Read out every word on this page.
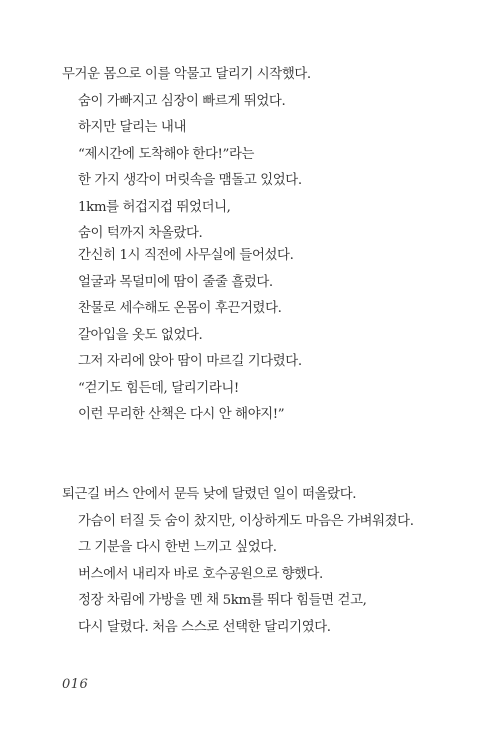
무거운 몸으로 이를 악물고 달리기 시작했다.
숨이 가빠지고 심장이 빠르게 뛰었다.
하지만 달리는 내내
“제시간에 도착해야 한다!”라는
한 가지 생각이 머릿속을 맴돌고 있었다.
1km를 허겁지겁 뛰었더니,
숨이 턱까지 차올랐다.
간신히 1시 직전에 사무실에 들어섰다.
얼굴과 목덜미에 땀이 줄줄 흘렀다.
찬물로 세수해도 온몸이 후끈거렸다.
갈아입을 옷도 없었다.
그저 자리에 앉아 땀이 마르길 기다렸다.
“걷기도 힘든데, 달리기라니!
이런 무리한 산책은 다시 안 해야지!”
퇴근길 버스 안에서 문득 낮에 달렸던 일이 떠올랐다.
가슴이 터질 듯 숨이 찼지만, 이상하게도 마음은 가벼워졌다.
그 기분을 다시 한번 느끼고 싶었다.
버스에서 내리자 바로 호수공원으로 향했다.
정장 차림에 가방을 멘 채 5km를 뛰다 힘들면 걷고,
다시 달렸다. 처음 스스로 선택한 달리기였다.
016
